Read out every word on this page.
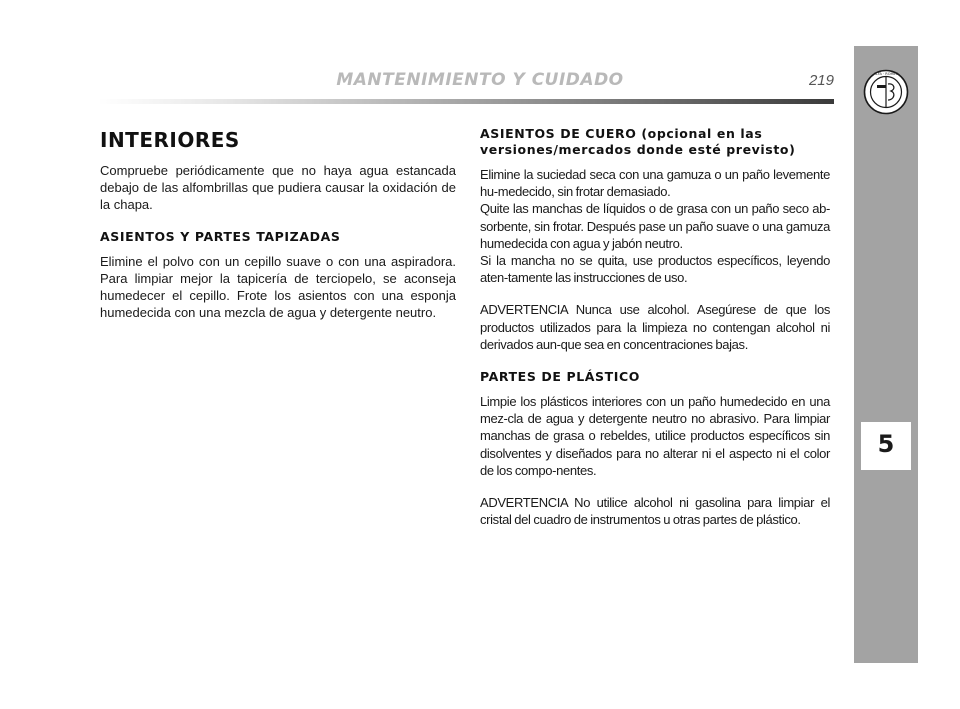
MANTENIMIENTO Y CUIDADO	219	ALFA · ROMEO
5
INTERIORES

Compruebe periódicamente que no haya agua estancada debajo de las alfombrillas que pudiera causar la oxidación de la chapa.

ASIENTOS Y PARTES TAPIZADAS

Elimine el polvo con un cepillo suave o con una aspiradora. Para limpiar mejor la tapicería de terciopelo, se aconseja humedecer el cepillo. Frote los asientos con una esponja humedecida con una mezcla de agua y detergente neutro.

ASIENTOS DE CUERO (opcional en las versiones/mercados donde esté previsto)

Elimine la suciedad seca con una gamuza o un paño levemente hu-medecido, sin frotar demasiado.

Quite las manchas de líquidos o de grasa con un paño seco ab-sorbente, sin frotar. Después pase un paño suave o una gamuza humedecida con agua y jabón neutro.

Si la mancha no se quita, use productos específicos, leyendo aten-tamente las instrucciones de uso.

ADVERTENCIA Nunca use alcohol. Asegúrese de que los productos utilizados para la limpieza no contengan alcohol ni derivados aun-que sea en concentraciones bajas.

PARTES DE PLÁSTICO

Limpie los plásticos interiores con un paño humedecido en una mez-cla de agua y detergente neutro no abrasivo. Para limpiar manchas de grasa o rebeldes, utilice productos específicos sin disolventes y diseñados para no alterar ni el aspecto ni el color de los compo-nentes.

ADVERTENCIA No utilice alcohol ni gasolina para limpiar el cristal del cuadro de instrumentos u otras partes de plástico.
